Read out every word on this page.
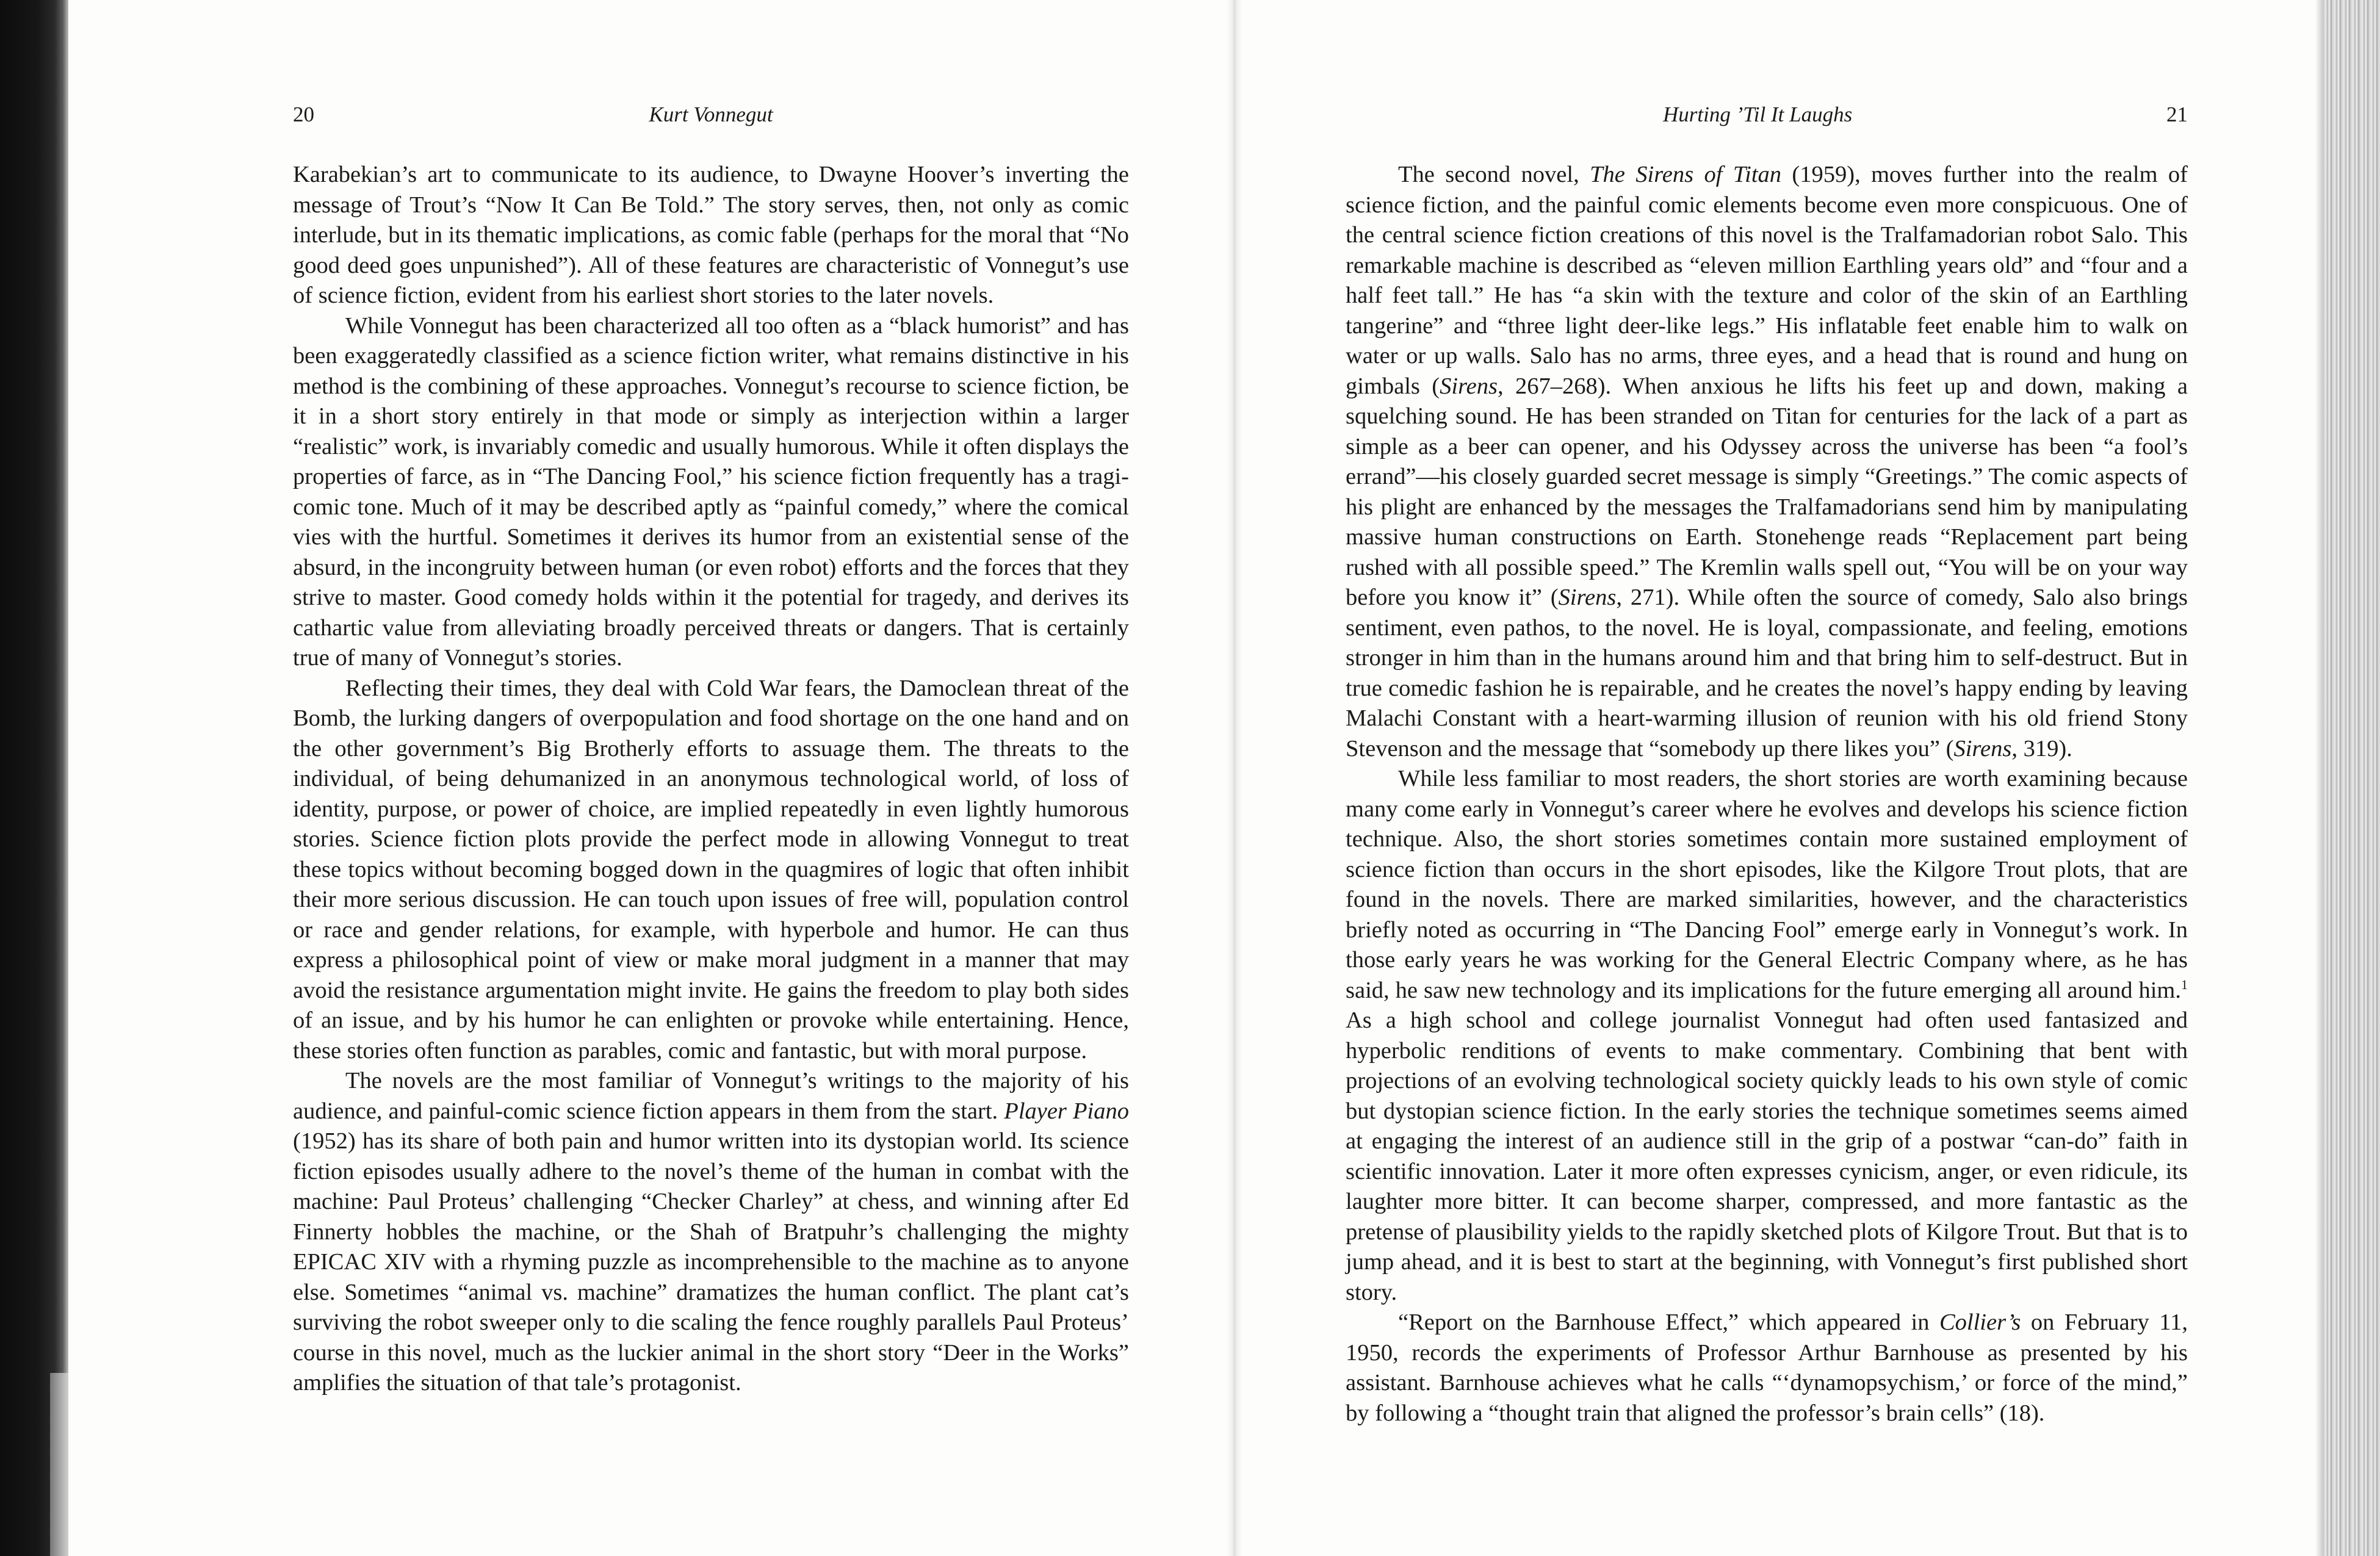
20	Kurt Vonnegut

Karabekian’s art to communicate to its audience, to Dwayne Hoover’s inverting the message of Trout’s “Now It Can Be Told.” The story serves, then, not only as comic interlude, but in its thematic implications, as comic fable (perhaps for the moral that “No good deed goes unpunished”). All of these features are characteristic of Vonnegut’s use of science fiction, evident from his earliest short stories to the later novels.

While Vonnegut has been characterized all too often as a “black humorist” and has been exaggeratedly classified as a science fiction writer, what remains distinctive in his method is the combining of these approaches. Vonnegut’s recourse to science fiction, be it in a short story entirely in that mode or simply as interjection within a larger “realistic” work, is invariably comedic and usually humorous. While it often displays the properties of farce, as in “The Dancing Fool,” his science fiction frequently has a tragi-comic tone. Much of it may be described aptly as “painful comedy,” where the comical vies with the hurtful. Sometimes it derives its humor from an existential sense of the absurd, in the incongruity between human (or even robot) efforts and the forces that they strive to master. Good comedy holds within it the potential for tragedy, and derives its cathartic value from alleviating broadly perceived threats or dangers. That is certainly true of many of Vonnegut’s stories.

Reflecting their times, they deal with Cold War fears, the Damoclean threat of the Bomb, the lurking dangers of overpopulation and food shortage on the one hand and on the other government’s Big Brotherly efforts to assuage them. The threats to the individual, of being dehumanized in an anonymous technological world, of loss of identity, purpose, or power of choice, are implied repeatedly in even lightly humorous stories. Science fiction plots provide the perfect mode in allowing Vonnegut to treat these topics without becoming bogged down in the quagmires of logic that often inhibit their more serious discussion. He can touch upon issues of free will, population control or race and gender relations, for example, with hyperbole and humor. He can thus express a philosophical point of view or make moral judgment in a manner that may avoid the resistance argumentation might invite. He gains the freedom to play both sides of an issue, and by his humor he can enlighten or provoke while entertaining. Hence, these stories often function as parables, comic and fantastic, but with moral purpose.

The novels are the most familiar of Vonnegut’s writings to the majority of his audience, and painful-comic science fiction appears in them from the start. Player Piano (1952) has its share of both pain and humor written into its dystopian world. Its science fiction episodes usually adhere to the novel’s theme of the human in combat with the machine: Paul Proteus’ challenging “Checker Charley” at chess, and winning after Ed Finnerty hobbles the machine, or the Shah of Bratpuhr’s challenging the mighty EPICAC XIV with a rhyming puzzle as incomprehensible to the machine as to anyone else. Sometimes “animal vs. machine” dramatizes the human conflict. The plant cat’s surviving the robot sweeper only to die scaling the fence roughly parallels Paul Proteus’ course in this novel, much as the luckier animal in the short story “Deer in the Works” amplifies the situation of that tale’s protagonist.

Hurting ’Til It Laughs	21

The second novel, The Sirens of Titan (1959), moves further into the realm of science fiction, and the painful comic elements become even more conspicuous. One of the central science fiction creations of this novel is the Tralfamadorian robot Salo. This remarkable machine is described as “eleven million Earthling years old” and “four and a half feet tall.” He has “a skin with the texture and color of the skin of an Earthling tangerine” and “three light deer-like legs.” His inflatable feet enable him to walk on water or up walls. Salo has no arms, three eyes, and a head that is round and hung on gimbals (Sirens, 267–268). When anxious he lifts his feet up and down, making a squelching sound. He has been stranded on Titan for centuries for the lack of a part as simple as a beer can opener, and his Odyssey across the universe has been “a fool’s errand”—his closely guarded secret message is simply “Greetings.” The comic aspects of his plight are enhanced by the messages the Tralfamadorians send him by manipulating massive human constructions on Earth. Stonehenge reads “Replacement part being rushed with all possible speed.” The Kremlin walls spell out, “You will be on your way before you know it” (Sirens, 271). While often the source of comedy, Salo also brings sentiment, even pathos, to the novel. He is loyal, compassionate, and feeling, emotions stronger in him than in the humans around him and that bring him to self-destruct. But in true comedic fashion he is repairable, and he creates the novel’s happy ending by leaving Malachi Constant with a heart-warming illusion of reunion with his old friend Stony Stevenson and the message that “somebody up there likes you” (Sirens, 319).

While less familiar to most readers, the short stories are worth examining because many come early in Vonnegut’s career where he evolves and develops his science fiction technique. Also, the short stories sometimes contain more sustained employment of science fiction than occurs in the short episodes, like the Kilgore Trout plots, that are found in the novels. There are marked similarities, however, and the characteristics briefly noted as occurring in “The Dancing Fool” emerge early in Vonnegut’s work. In those early years he was working for the General Electric Company where, as he has said, he saw new technology and its implications for the future emerging all around him.$^1$ As a high school and college journalist Vonnegut had often used fantasized and hyperbolic renditions of events to make commentary. Combining that bent with projections of an evolving technological society quickly leads to his own style of comic but dystopian science fiction. In the early stories the technique sometimes seems aimed at engaging the interest of an audience still in the grip of a postwar “can-do” faith in scientific innovation. Later it more often expresses cynicism, anger, or even ridicule, its laughter more bitter. It can become sharper, compressed, and more fantastic as the pretense of plausibility yields to the rapidly sketched plots of Kilgore Trout. But that is to jump ahead, and it is best to start at the beginning, with Vonnegut’s first published short story.

“Report on the Barnhouse Effect,” which appeared in Collier’s on February 11, 1950, records the experiments of Professor Arthur Barnhouse as presented by his assistant. Barnhouse achieves what he calls “‘dynamopsychism,’ or force of the mind,” by following a “thought train that aligned the professor’s brain cells” (18).
